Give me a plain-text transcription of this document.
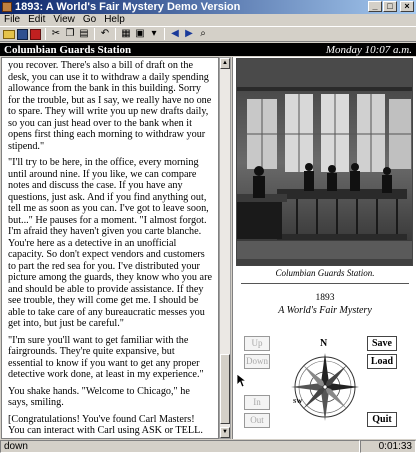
1893: A World's Fair Mystery Demo Version	_	□	×
File Edit View Go Help
✂ ❐ ▤ ↶ ▦ ▣ ▾	◀ ▶ ⌕
Columbian Guards Station	Monday 10:07 a.m.

you recover. There's also a bill of draft on the desk, you can use it to withdraw a daily spending allowance from the bank in this building. Sorry for the trouble, but as I say, we really have no one to spare. They will write you up new drafts daily, so you can just head over to the bank when it opens first thing each morning to withdraw your stipend."

"I'll try to be here, in the office, every morning until around nine. If you like, we can compare notes and discuss the case. If you have any questions, just ask. And if you find anything out, tell me as soon as you can. I've got to leave soon, but..." He pauses for a moment. "I almost forgot. I'm afraid they haven't given you carte blanche. You're here as a detective in an unofficial capacity. So don't expect vendors and customers to part the red sea for you. I've distributed your picture among the guards, they know who you are and should be able to provide assistance. If they see trouble, they will come get me. I should be able to take care of any bureaucratic messes you get into, but just be careful."

"I'm sure you'll want to get familiar with the fairgrounds. They're quite expansive, but essential to know if you want to get any proper detective work done, at least in my experience."

You shake hands. "Welcome to Chicago," he says, smiling.

[Congratulations! You've found Carl Masters! You can interact with Carl using ASK or TELL.

▲
▼
Columbian Guards Station.
1893
A World's Fair Mystery
Up
Down
In
Out
Save
Load
Quit
N
SW
down	0:01:33
